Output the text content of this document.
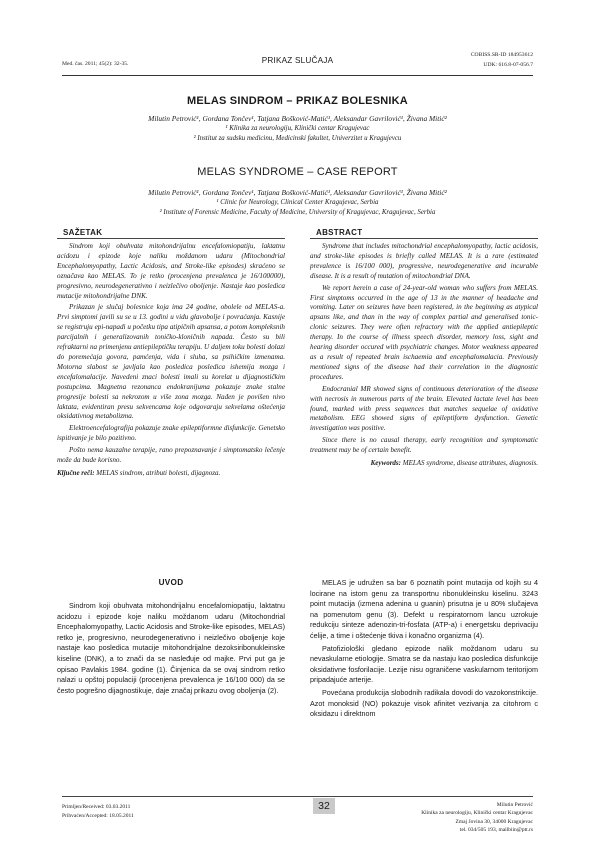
Med. čas. 2011; 45(2): 32-35.	PRIKAZ SLUČAJA
COBISS.SR-ID 184953612
UDK: 616.8-07-056.7
MELAS SINDROM – PRIKAZ BOLESNIKA
Milutin Petrović¹, Gordana Tončev¹, Tatjana Bošković-Matić¹, Aleksandar Gavrilović¹, Živana Mitić²
¹ Klinika za neurologiju, Klinički centar Kragujevac
² Institut za sudsku medicinu, Medicinski fakultet, Univerzitet u Kragujevcu
MELAS SYNDROME – CASE REPORT
Milutin Petrović¹, Gordana Tončev¹, Tatjana Bošković-Matić¹, Aleksandar Gavrilović¹, Živana Mitić²
¹ Clinic for Neurology, Clinical Center Kragujevac, Serbia
² Institute of Forensic Medicine, Faculty of Medicine, University of Kragujevac, Kragujevac, Serbia
SAŽETAK

Sindrom koji obuhvata mitohondrijalnu encefalomiopatiju, laktatnu acidozu i epizode koje naliku moždanom udaru (Mitochondrial Encephalomyopathy, Lactic Acidosis, and Stroke-like episodes) skraćeno se označava kao MELAS. To je retko (procenjena prevalenca je 16/100000), progresivno, neurodegenerativno i neizlečivo oboljenje. Nastaje kao posledica mutacije mitohondrijalne DNK.

Prikazan je slučaj bolesnice koja ima 24 godine, obolele od MELAS-a. Prvi simptomi javili su se u 13. godini u vidu glavobolje i povraćanja. Kasnije se registruju epi-napadi u početku tipa atipičnih apsansa, a potom kompleksnih parcijalnih i generalizovanih toničko-kloničnih napada. Često su bili refraktarni na primenjenu antiepileptičku terapiju. U daljem toku bolesti dolazi do poremećaja govora, pamćenja, vida i sluha, sa psihičkim izmenama. Motorna slabost se javljala kao posledica posledica ishemija mozga i encefalomalacije. Navedeni znaci bolesti imali su korelat u dijagnostičkim postupcima. Magnetna rezonanca endokranijuma pokazuje znake stalne progresije bolesti sa nekrozom u više zona mozga. Nađen je povišen nivo laktata, evidentiran presu sekvencama koje odgovaraju sekvelama oštećenja oksidativnog metabolizma.

Elektroencefalografija pokazuje znake epileptiformne disfunkcije. Genetsko ispitivanje je bilo pozitivno.

Pošto nema kauzalne terapije, rano prepoznavanje i simptomatsko lečenje može da bude korisno.

Ključne reči: MELAS sindrom, atributi bolesti, dijagnoza.
ABSTRACT

Syndrome that includes mitochondrial encephalomyopathy, lactic acidosis, and stroke-like episodes is briefly called MELAS. It is a rare (estimated prevalence is 16/100 000), progressive, neurodegenerative and incurable disease. It is a result of mutation of mitochondrial DNA.

We report herein a case of 24-year-old woman who suffers from MELAS. First simptoms occurred in the age of 13 in the manner of headache and vomiting. Later on seizures have been registered, in the beginning as atypical apsans like, and than in the way of complex partial and generalised tonic-clonic seizures. They were often refractory with the applied antiepileptic therapy. In the course of illness speech disorder, memory loss, sight and hearing disorder occured with psychiatric changes. Motor weakness appeared as a result of repeated brain ischaemia and encephalomalacia. Previously mentioned signs of the disease had their correlation in the diagnostic procedures.

Endocranial MR showed signs of continuous deterioration of the disease with necrosis in numerous parts of the brain. Elevated lactate level has been found, marked with press sequences that matches sequelae of oxidative metabolism. EEG showed signs of epileptiform dysfunction. Genetic investigation was positive.

Since there is no causal therapy, early recognition and symptomatic treatment may be of certain benefit.

Keywords: MELAS syndrome, disease attributes, diagnosis.
UVOD

Sindrom koji obuhvata mitohondrijalnu encefalomiopatiju, laktatnu acidozu i epizode koje naliku moždanom udaru (Mitochondrial Encephalomyopathy, Lactic Acidosis and Stroke-like episodes, MELAS) retko je, progresivno, neurodegenerativno i neizlečivo oboljenje koje nastaje kao posledica mutacije mitohondrijalne dezoksiribonukleinske kiseline (DNK), a to znači da se nasleđuje od majke. Prvi put ga je opisao Pavlakis 1984. godine (1). Činjenica da se ovaj sindrom retko nalazi u opštoj populaciji (procenjena prevalenca je 16/100 000) da se često pogrešno dijagnostikuje, daje značaj prikazu ovog oboljenja (2).

MELAS je udružen sa bar 6 poznatih point mutacija od kojih su 4 locirane na istom genu za transportnu ribonukleinsku kiselinu. 3243 point mutacija (izmena adenina u guanin) prisutna je u 80% slučajeva na pomenutom genu (3). Defekt u respiratornom lancu uzrokuje redukciju sinteze adenozin-tri-fosfata (ATP-a) i energetsku deprivaciju ćelije, a time i oštećenje tkiva i konačno organizma (4).

Patofiziološki gledano epizode nalik moždanom udaru su nevaskularne etiologije. Smatra se da nastaju kao posledica disfunkcije oksidativne fosforilacije. Lezije nisu ograničene vaskularnom teritorijom pripadajuće arterije.

Povećana produkcija slobodnih radikala dovodi do vazokonstrikcije. Azot monoksid (NO) pokazuje visok afinitet vezivanja za citohrom c oksidazu i direktnom

Primljen/Received: 03.03.2011
Prihvaćen/Accepted: 18.05.2011
32	Milutin Petrović
Klinika za neurologiju, Klinički centar Kragujevac
Zmaj Jovina 30, 34000 Kragujevac
tel. 034/505 193, mailbiin@ptt.rs
